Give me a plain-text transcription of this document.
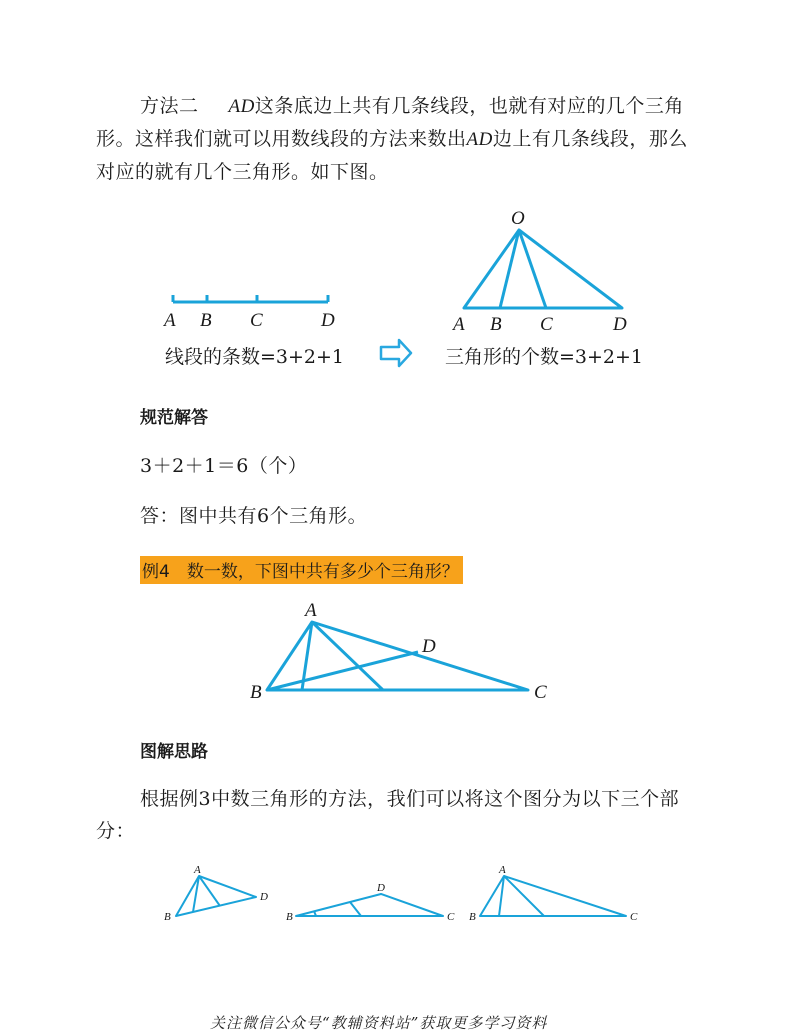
方法二 AD这条底边上共有几条线段，也就有对应的几个三角
形。这样我们就可以用数线段的方法来数出AD边上有几条线段，那么
对应的就有几个三角形。如下图。
A B C	D
O
A B C	D
线段的条数=3+2+1	三角形的个数=3+2+1
规范解答
3＋2＋1＝6（个）
答：图中共有6个三角形。
例4　数一数，下图中共有多少个三角形？
A
D
B	C
图解思路
根据例3中数三角形的方法，我们可以将这个图分为以下三个部
分：
A
B
D
D
B	C
A
B	C
关注微信公众号“教辅资料站”获取更多学习资料
